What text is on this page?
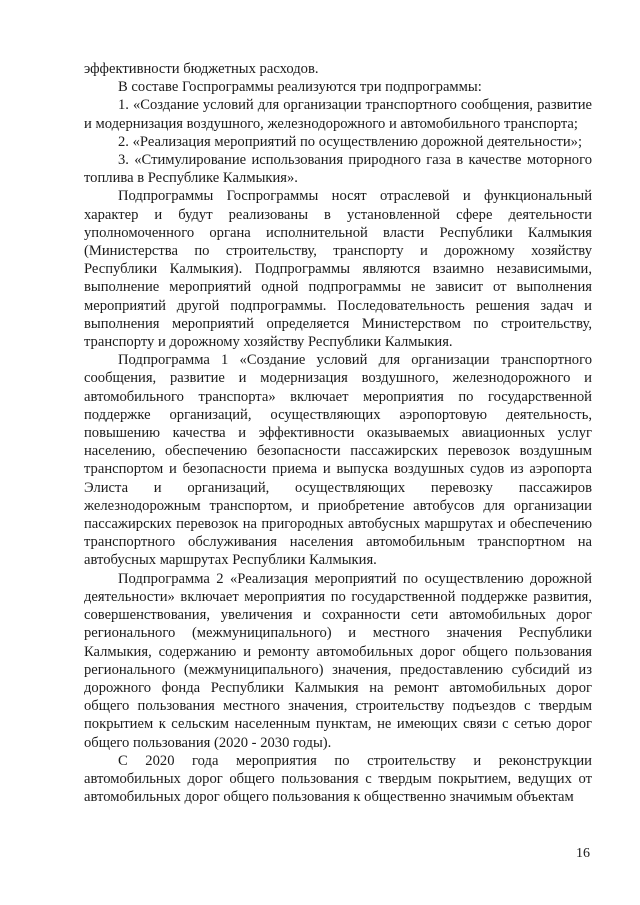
эффективности бюджетных расходов.

В составе Госпрограммы реализуются три подпрограммы:

1. «Создание условий для организации транспортного сообщения, развитие и модернизация воздушного, железнодорожного и автомобильного транспорта;

2. «Реализация мероприятий по осуществлению дорожной деятельности»;

3. «Стимулирование использования природного газа в качестве моторного топлива в Республике Калмыкия».

Подпрограммы Госпрограммы носят отраслевой и функциональный характер и будут реализованы в установленной сфере деятельности уполномоченного органа исполнительной власти Республики Калмыкия (Министерства по строительству, транспорту и дорожному хозяйству Республики Калмыкия). Подпрограммы являются взаимно независимыми, выполнение мероприятий одной подпрограммы не зависит от выполнения мероприятий другой подпрограммы. Последовательность решения задач и выполнения мероприятий определяется Министерством по строительству, транспорту и дорожному хозяйству Республики Калмыкия.

Подпрограмма 1 «Создание условий для организации транспортного сообщения, развитие и модернизация воздушного, железнодорожного и автомобильного транспорта» включает мероприятия по государственной поддержке организаций, осуществляющих аэропортовую деятельность, повышению качества и эффективности оказываемых авиационных услуг населению, обеспечению безопасности пассажирских перевозок воздушным транспортом и безопасности приема и выпуска воздушных судов из аэропорта Элиста и организаций, осуществляющих перевозку пассажиров железнодорожным транспортом, и приобретение автобусов для организации пассажирских перевозок на пригородных автобусных маршрутах и обеспечению транспортного обслуживания населения автомобильным транспортном на автобусных маршрутах Республики Калмыкия.

Подпрограмма 2 «Реализация мероприятий по осуществлению дорожной деятельности» включает мероприятия по государственной поддержке развития, совершенствования, увеличения и сохранности сети автомобильных дорог регионального (межмуниципального) и местного значения Республики Калмыкия, содержанию и ремонту автомобильных дорог общего пользования регионального (межмуниципального) значения, предоставлению субсидий из дорожного фонда Республики Калмыкия на ремонт автомобильных дорог общего пользования местного значения, строительству подъездов с твердым покрытием к сельским населенным пунктам, не имеющих связи с сетью дорог общего пользования (2020 - 2030 годы).

С 2020 года мероприятия по строительству и реконструкции автомобильных дорог общего пользования с твердым покрытием, ведущих от автомобильных дорог общего пользования к общественно значимым объектам

16
